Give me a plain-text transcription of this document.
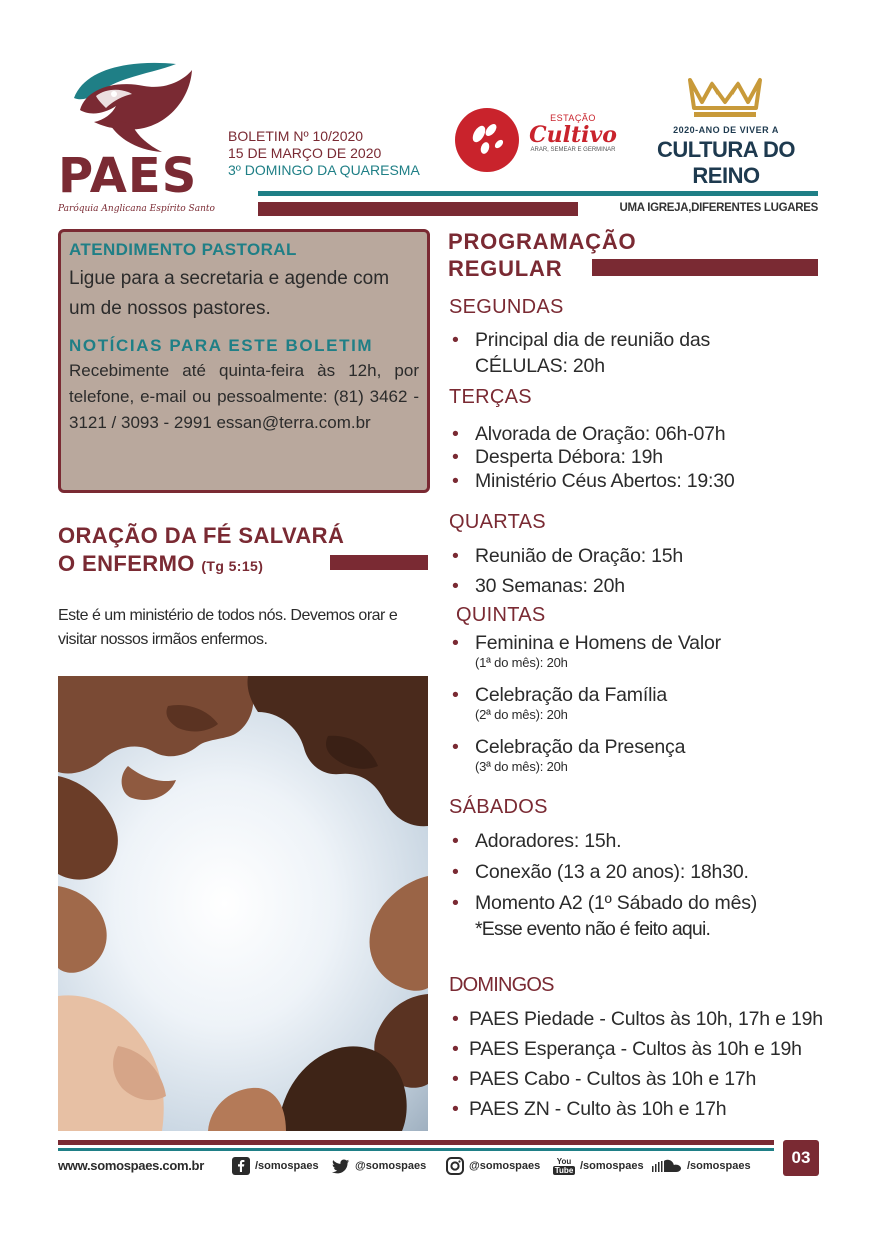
PAES
Paróquia Anglicana Espírito Santo
BOLETIM Nº 10/2020
15 DE MARÇO DE 2020
3º DOMINGO DA QUARESMA
ESTAÇÃO
Cultivo
ARAR, SEMEAR E GERMINAR
2020-ANO DE VIVER A
CULTURA DO REINO
UMA IGREJA,DIFERENTES LUGARES
ATENDIMENTO PASTORAL
Ligue para a secretaria e agende com um de nossos pastores.
NOTÍCIAS PARA ESTE BOLETIM
Recebimente até quinta-feira às 12h, por telefone, e-mail ou pessoalmente: (81) 3462 - 3121 / 3093 - 2991 essan@terra.com.br
ORAÇÃO DA FÉ SALVARÁ
O ENFERMO (Tg 5:15)
Este é um ministério de todos nós. Devemos orar e visitar nossos irmãos enfermos.
PROGRAMAÇÃO
REGULAR
SEGUNDAS
• Principal dia de reunião das CÉLULAS: 20h
TERÇAS
• Alvorada de Oração: 06h-07h
• Desperta Débora: 19h
• Ministério Céus Abertos: 19:30
QUARTAS
• Reunião de Oração: 15h
• 30 Semanas: 20h
QUINTAS
• Feminina e Homens de Valor
(1ª do mês): 20h
• Celebração da Família
(2ª do mês): 20h
• Celebração da Presença
(3ª do mês): 20h
SÁBADOS
• Adoradores: 15h.
• Conexão (13 a 20 anos): 18h30.
• Momento A2 (1º Sábado do mês)
*Esse evento não é feito aqui.
DOMINGOS
• PAES Piedade - Cultos às 10h, 17h e 19h
• PAES Esperança - Cultos às 10h e 19h
• PAES Cabo - Cultos às 10h e 17h
• PAES ZN - Culto às 10h e 17h
03
www.somospaes.com.br	/somospaes	@somospaes	@somospaes You
Tube /somospaes	/somospaes
